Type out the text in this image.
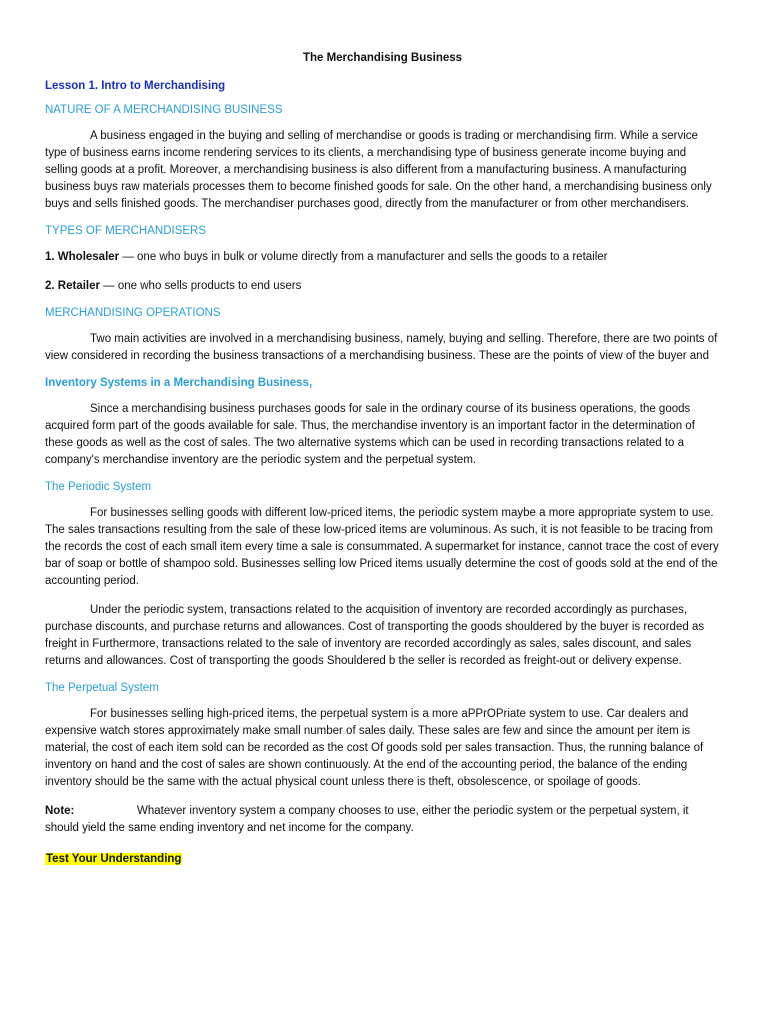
The Merchandising Business
Lesson 1. Intro to Merchandising
NATURE OF A MERCHANDISING BUSINESS

A business engaged in the buying and selling of merchandise or goods is trading or merchandising firm. While a service type of business earns income rendering services to its clients, a merchandising type of business generate income buying and selling goods at a profit. Moreover, a merchandising business is also different from a manufacturing business. A manufacturing business buys raw materials processes them to become finished goods for sale. On the other hand, a merchandising business only buys and sells finished goods. The merchandiser purchases good, directly from the manufacturer or from other merchandisers.

TYPES OF MERCHANDISERS

1. Wholesaler — one who buys in bulk or volume directly from a manufacturer and sells the goods to a retailer

2. Retailer — one who sells products to end users

MERCHANDISING OPERATIONS

Two main activities are involved in a merchandising business, namely, buying and selling. Therefore, there are two points of view considered in recording the business transactions of a merchandising business. These are the points of view of the buyer and

Inventory Systems in a Merchandising Business,

Since a merchandising business purchases goods for sale in the ordinary course of its business operations, the goods acquired form part of the goods available for sale. Thus, the merchandise inventory is an important factor in the determination of these goods as well as the cost of sales. The two alternative systems which can be used in recording transactions related to a company's merchandise inventory are the periodic system and the perpetual system.

The Periodic System

For businesses selling goods with different low-priced items, the periodic system maybe a more appropriate system to use. The sales transactions resulting from the sale of these low-priced items are voluminous. As such, it is not feasible to be tracing from the records the cost of each small item every time a sale is consummated. A supermarket for instance, cannot trace the cost of every bar of soap or bottle of shampoo sold. Businesses selling low Priced items usually determine the cost of goods sold at the end of the accounting period.

Under the periodic system, transactions related to the acquisition of inventory are recorded accordingly as purchases, purchase discounts, and purchase returns and allowances. Cost of transporting the goods shouldered by the buyer is recorded as freight in Furthermore, transactions related to the sale of inventory are recorded accordingly as sales, sales discount, and sales returns and allowances. Cost of transporting the goods Shouldered b the seller is recorded as freight-out or delivery expense.

The Perpetual System

For businesses selling high-priced items, the perpetual system is a more aPPrOPriate system to use. Car dealers and expensive watch stores approximately make small number of sales daily. These sales are few and since the amount per item is material, the cost of each item sold can be recorded as the cost Of goods sold per sales transaction. Thus, the running balance of inventory on hand and the cost of sales are shown continuously. At the end of the accounting period, the balance of the ending inventory should be the same with the actual physical count unless there is theft, obsolescence, or spoilage of goods.

Note:	Whatever inventory system a company chooses to use, either the periodic system or the perpetual system, it should yield the same ending inventory and net income for the company.
Test Your Understanding
